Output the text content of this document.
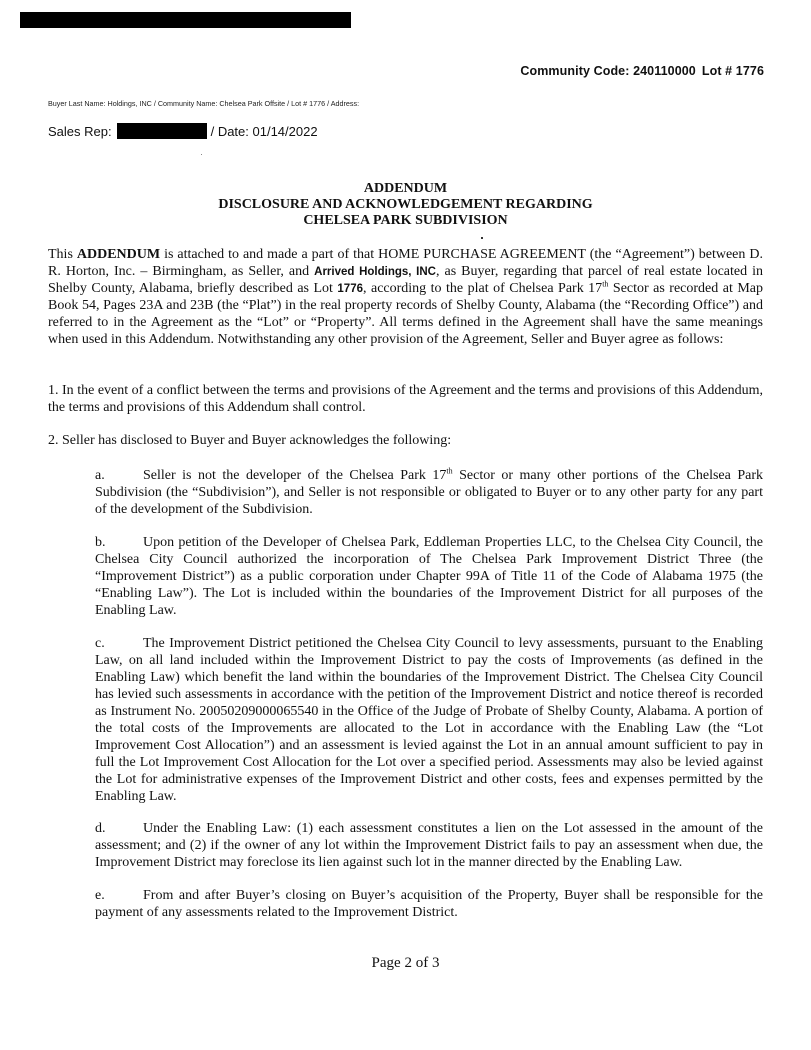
Community Code: 240110000 Lot # 1776
Buyer Last Name: Holdings, INC / Community Name: Chelsea Park Offsite / Lot # 1776 / Address:
Sales Rep:	/ Date: 01/14/2022
ADDENDUM
DISCLOSURE AND ACKNOWLEDGEMENT REGARDING
CHELSEA PARK SUBDIVISION
This ADDENDUM is attached to and made a part of that HOME PURCHASE AGREEMENT (the “Agreement”) between D. R. Horton, Inc. – Birmingham, as Seller, and Arrived Holdings, INC, as Buyer, regarding that parcel of real estate located in Shelby County, Alabama, briefly described as Lot 1776, according to the plat of Chelsea Park 17th Sector as recorded at Map Book 54, Pages 23A and 23B (the “Plat”) in the real property records of Shelby County, Alabama (the “Recording Office”) and referred to in the Agreement as the “Lot” or “Property”. All terms defined in the Agreement shall have the same meanings when used in this Addendum. Notwithstanding any other provision of the Agreement, Seller and Buyer agree as follows:
1. In the event of a conflict between the terms and provisions of the Agreement and the terms and provisions of this Addendum, the terms and provisions of this Addendum shall control.
2. Seller has disclosed to Buyer and Buyer acknowledges the following:
a.	Seller is not the developer of the Chelsea Park 17th Sector or many other portions of the Chelsea Park Subdivision (the “Subdivision”), and Seller is not responsible or obligated to Buyer or to any other party for any part of the development of the Subdivision.
b.	Upon petition of the Developer of Chelsea Park, Eddleman Properties LLC, to the Chelsea City Council, the Chelsea City Council authorized the incorporation of The Chelsea Park Improvement District Three (the “Improvement District”) as a public corporation under Chapter 99A of Title 11 of the Code of Alabama 1975 (the “Enabling Law”). The Lot is included within the boundaries of the Improvement District for all purposes of the Enabling Law.
c.	The Improvement District petitioned the Chelsea City Council to levy assessments, pursuant to the Enabling Law, on all land included within the Improvement District to pay the costs of Improvements (as defined in the Enabling Law) which benefit the land within the boundaries of the Improvement District. The Chelsea City Council has levied such assessments in accordance with the petition of the Improvement District and notice thereof is recorded as Instrument No. 20050209000065540 in the Office of the Judge of Probate of Shelby County, Alabama. A portion of the total costs of the Improvements are allocated to the Lot in accordance with the Enabling Law (the “Lot Improvement Cost Allocation”) and an assessment is levied against the Lot in an annual amount sufficient to pay in full the Lot Improvement Cost Allocation for the Lot over a specified period. Assessments may also be levied against the Lot for administrative expenses of the Improvement District and other costs, fees and expenses permitted by the Enabling Law.
d.	Under the Enabling Law: (1) each assessment constitutes a lien on the Lot assessed in the amount of the assessment; and (2) if the owner of any lot within the Improvement District fails to pay an assessment when due, the Improvement District may foreclose its lien against such lot in the manner directed by the Enabling Law.
e.	From and after Buyer’s closing on Buyer’s acquisition of the Property, Buyer shall be responsible for the payment of any assessments related to the Improvement District.
Page 2 of 3
